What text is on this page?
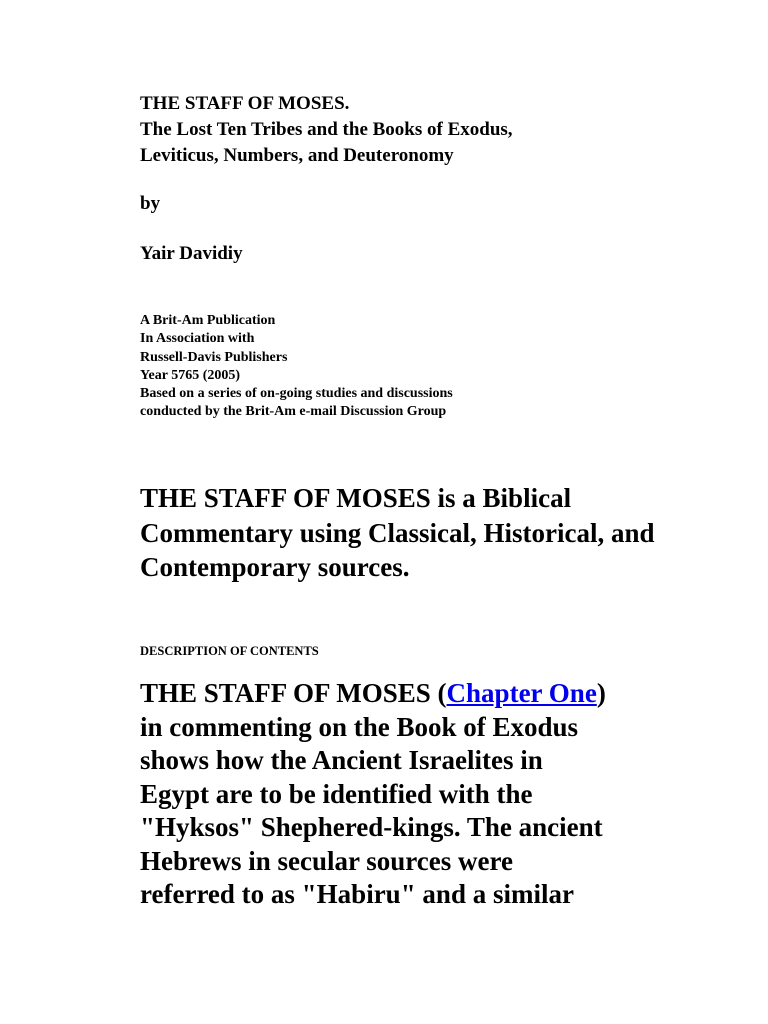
THE STAFF OF MOSES.
The Lost Ten Tribes and the Books of Exodus,
Leviticus, Numbers, and Deuteronomy
by
Yair Davidiy
A Brit-Am Publication
In Association with
Russell-Davis Publishers
Year 5765 (2005)
Based on a series of on-going studies and discussions
conducted by the Brit-Am e-mail Discussion Group
THE STAFF OF MOSES is a Biblical Commentary using Classical, Historical, and Contemporary sources.
DESCRIPTION OF CONTENTS
THE STAFF OF MOSES (Chapter One)
in commenting on the Book of Exodus
shows how the Ancient Israelites in
Egypt are to be identified with the
"Hyksos" Shephered-kings. The ancient
Hebrews in secular sources were
referred to as "Habiru" and a similar
